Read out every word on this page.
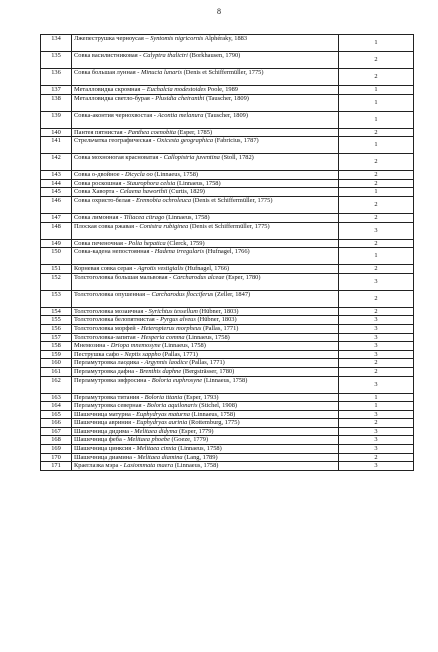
8
134	Лжепеструшка черноусая – Syntomis nigricornis Alphéraky, 1883	1
135	Совка василистниковая - Calyptra thalictri (Borkhausen, 1790)	2
136	Совка большая лунная - Minucia lunaris (Denis et Schiffermüller, 1775)	2
137	Металловидка скромная – Euchalcia modestoides Poole, 1989	1
138	Металловидка светло-бурая - Plusidia cheiranthi (Tauscher, 1809)	1
139	Совка-аконтия чернохвостая - Acontia melanura (Tauscher, 1809)	1
140	Пантея пятнистая - Panthea coenobita (Esper, 1785)	2
141	Стрельчатка географическая - Oxicesta geographica (Fabricius, 1787)	1
142	Совка мохноногая красноватая - Callopistria juventina (Stoll, 1782)	2
143	Совка о-двойное - Dicycla oo (Linnaeus, 1758)	2
144	Совка роскошная - Staurophora celsia (Linnaeus, 1758)	2
145	Совка Хаворта - Celaena haworthii (Curtis, 1829)	1
146	Совка охристо-белая - Eremobia ochroleuca (Denis et Schiffermüller, 1775)	2
147	Совка лимонная - Tiliacea citrago (Linnaeus, 1758)	2
148	Плоская совка ржавая - Conistra rubiginea (Denis et Schiffermüller, 1775)	3
149	Совка печеночная - Polia hepatica (Clerck, 1759)	2
150	Совка-кадена непостоянная - Hadena irregularis (Hufnagel, 1766)	1
151	Корневая совка серая - Agrotis vestigialis (Hufnagel, 1766)	2
152	Толстоголовка большая мальвовая - Carcharodus alceae (Esper, 1780)	3
153	Толстоголовка опушенная – Carcharodus flocciferus (Zeller, 1847)	2
154	Толстоголовка мозаичная - Syrichtus tessellum (Hübner, 1803)	2
155	Толстоголовка белопятнистая - Pyrgus alveus (Hübner, 1803)	3
156	Толстоголовка морфей - Heteropterus morpheus (Pallas, 1771)	3
157	Толстоголовка-запятая - Hesperia comma (Linnaeus, 1758)	3
158	Мнемозина - Driopa mnemosyne (Linnaeus, 1758)	3
159	Пеструшка сафо - Neptis sappho (Pallas, 1771)	3
160	Перламутровка лаодика - Argynnis laodice (Pallas, 1771)	2
161	Перламутровка дафна - Brenthis daphne (Bergsträsser, 1780)	2
162	Перламутровка эвфросина - Boloria euphrosyne (Linnaeus, 1758)	3
163	Перламутровка титания - Boloria titania (Esper, 1793)	1
164	Перламутровка северная - Boloria aquilonaris (Stichel, 1908)	1
165	Шашечница матурна - Euphydryas maturna (Linnaeus, 1758)	3
166	Шашечница авриния - Euphydryas aurinia (Rottemburg, 1775)	2
167	Шашечница дидима - Melitaea didyma (Esper, 1779)	3
168	Шашечница феба - Melitaea phoebe (Goeze, 1779)	3
169	Шашечница цинксия - Melitaea cinxia (Linnaeus, 1758)	3
170	Шашечница диамина - Melitaea diamina (Lang, 1789)	2
171	Краеглазка мэра - Lasiommata maera (Linnaeus, 1758)	3
